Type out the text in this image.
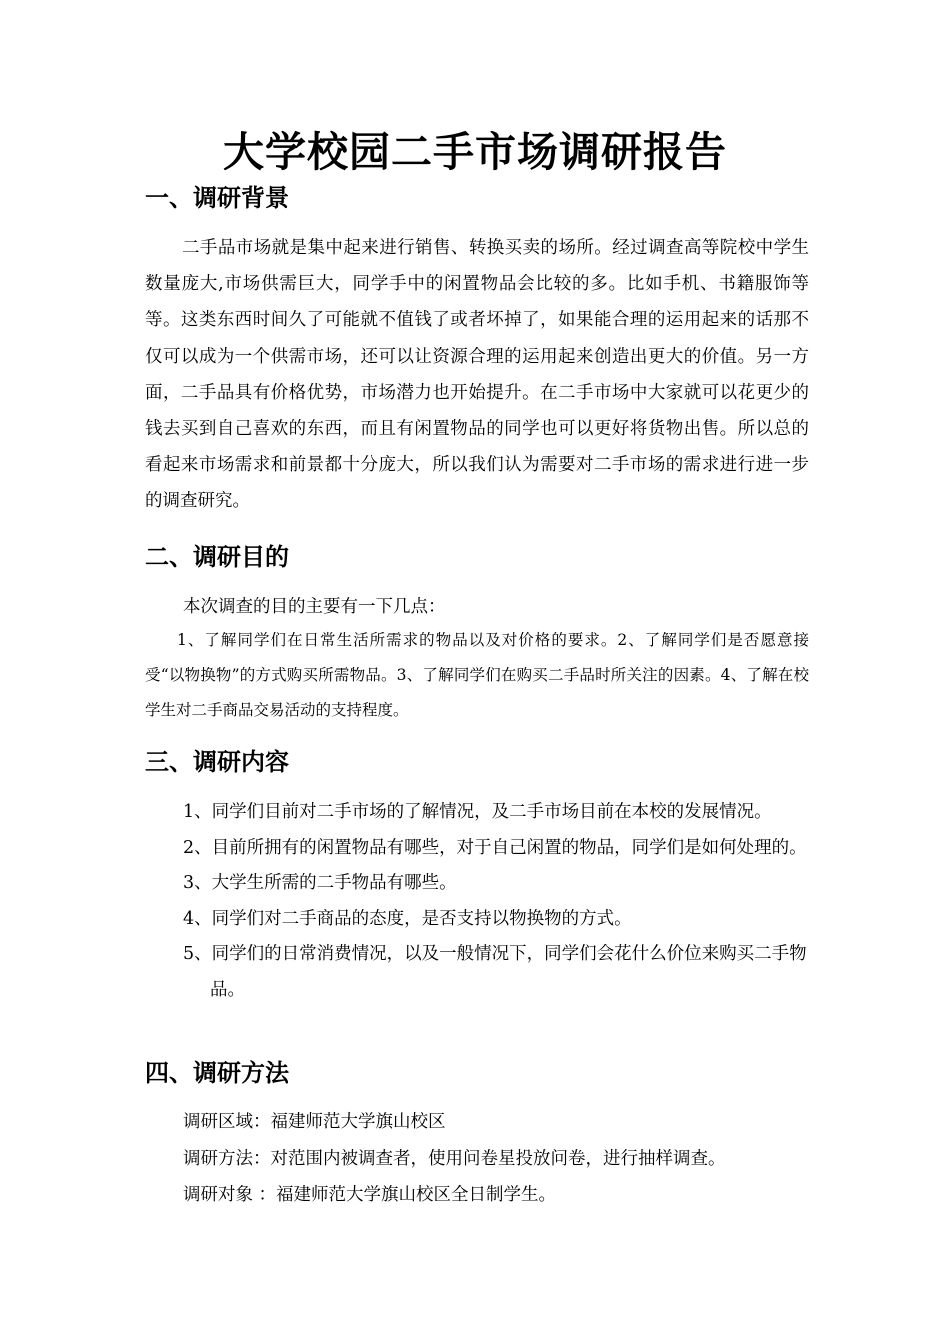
大学校园二手市场调研报告
一、调研背景

二手品市场就是集中起来进行销售、转换买卖的场所。经过调查高等院校中学生数量庞大,市场供需巨大，同学手中的闲置物品会比较的多。比如手机、书籍服饰等等。这类东西时间久了可能就不值钱了或者坏掉了，如果能合理的运用起来的话那不仅可以成为一个供需市场，还可以让资源合理的运用起来创造出更大的价值。另一方面，二手品具有价格优势，市场潜力也开始提升。在二手市场中大家就可以花更少的钱去买到自己喜欢的东西，而且有闲置物品的同学也可以更好将货物出售。所以总的看起来市场需求和前景都十分庞大，所以我们认为需要对二手市场的需求进行进一步的调查研究。

二、调研目的

本次调查的目的主要有一下几点：

1、了解同学们在日常生活所需求的物品以及对价格的要求。2、了解同学们是否愿意接受“以物换物”的方式购买所需物品。3、了解同学们在购买二手品时所关注的因素。4、了解在校学生对二手商品交易活动的支持程度。

三、调研内容
1、同学们目前对二手市场的了解情况，及二手市场目前在本校的发展情况。
2、目前所拥有的闲置物品有哪些，对于自己闲置的物品，同学们是如何处理的。
3、大学生所需的二手物品有哪些。
4、同学们对二手商品的态度，是否支持以物换物的方式。
5、同学们的日常消费情况，以及一般情况下，同学们会花什么价位来购买二手物品。
四、调研方法

调研区域：福建师范大学旗山校区

调研方法：对范围内被调查者，使用问卷星投放问卷，进行抽样调查。

调研对象 ：福建师范大学旗山校区全日制学生。
